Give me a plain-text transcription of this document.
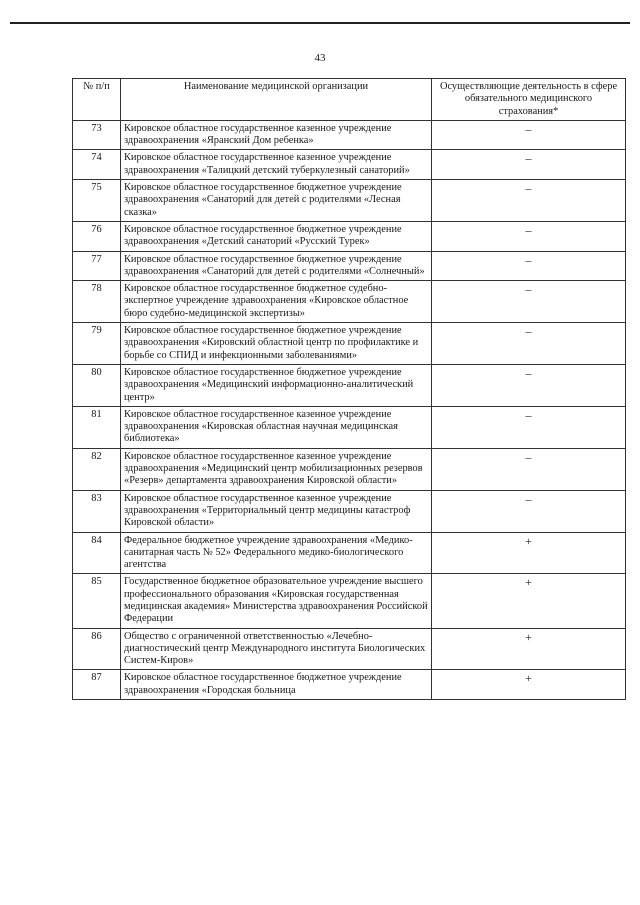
43
№ п/п	Наименование медицинской организации	Осуществляющие деятельность в сфере обязательного медицинского страхования*
73	Кировское областное государственное казенное учреждение здравоохранения «Яранский Дом ребенка»	–
74	Кировское областное государственное казенное учреждение здравоохранения «Талицкий детский туберкулезный санаторий»	–
75	Кировское областное государственное бюджетное учреждение здравоохранения «Санаторий для детей с родителями «Лесная сказка»	–
76	Кировское областное государственное бюджетное учреждение здравоохранения «Детский санаторий «Русский Турек»	–
77	Кировское областное государственное бюджетное учреждение здравоохранения «Санаторий для детей с родителями «Солнечный»	–
78	Кировское областное государственное бюджетное судебно-экспертное учреждение здравоохранения «Кировское областное бюро судебно-медицинской экспертизы»	–
79	Кировское областное государственное бюджетное учреждение здравоохранения «Кировский областной центр по профилактике и борьбе со СПИД и инфекционными заболеваниями»	–
80	Кировское областное государственное бюджетное учреждение здравоохранения «Медицинский информационно-аналитический центр»	–
81	Кировское областное государственное казенное учреждение здравоохранения «Кировская областная научная медицинская библиотека»	–
82	Кировское областное государственное казенное учреждение здравоохранения «Медицинский центр мобилизационных резервов «Резерв» департамента здравоохранения Кировской области»	–
83	Кировское областное государственное казенное учреждение здравоохранения «Территориальный центр медицины катастроф Кировской области»	–
84	Федеральное бюджетное учреждение здравоохранения «Медико-санитарная часть № 52» Федерального медико-биологического агентства	+
85	Государственное бюджетное образовательное учреждение высшего профессионального образования «Кировская государственная медицинская академия» Министерства здравоохранения Российской Федерации	+
86	Общество с ограниченной ответственностью «Лечебно-диагностический центр Международного института Биологических Систем-Киров»	+
87	Кировское областное государственное бюджетное учреждение здравоохранения «Городская больница	+
